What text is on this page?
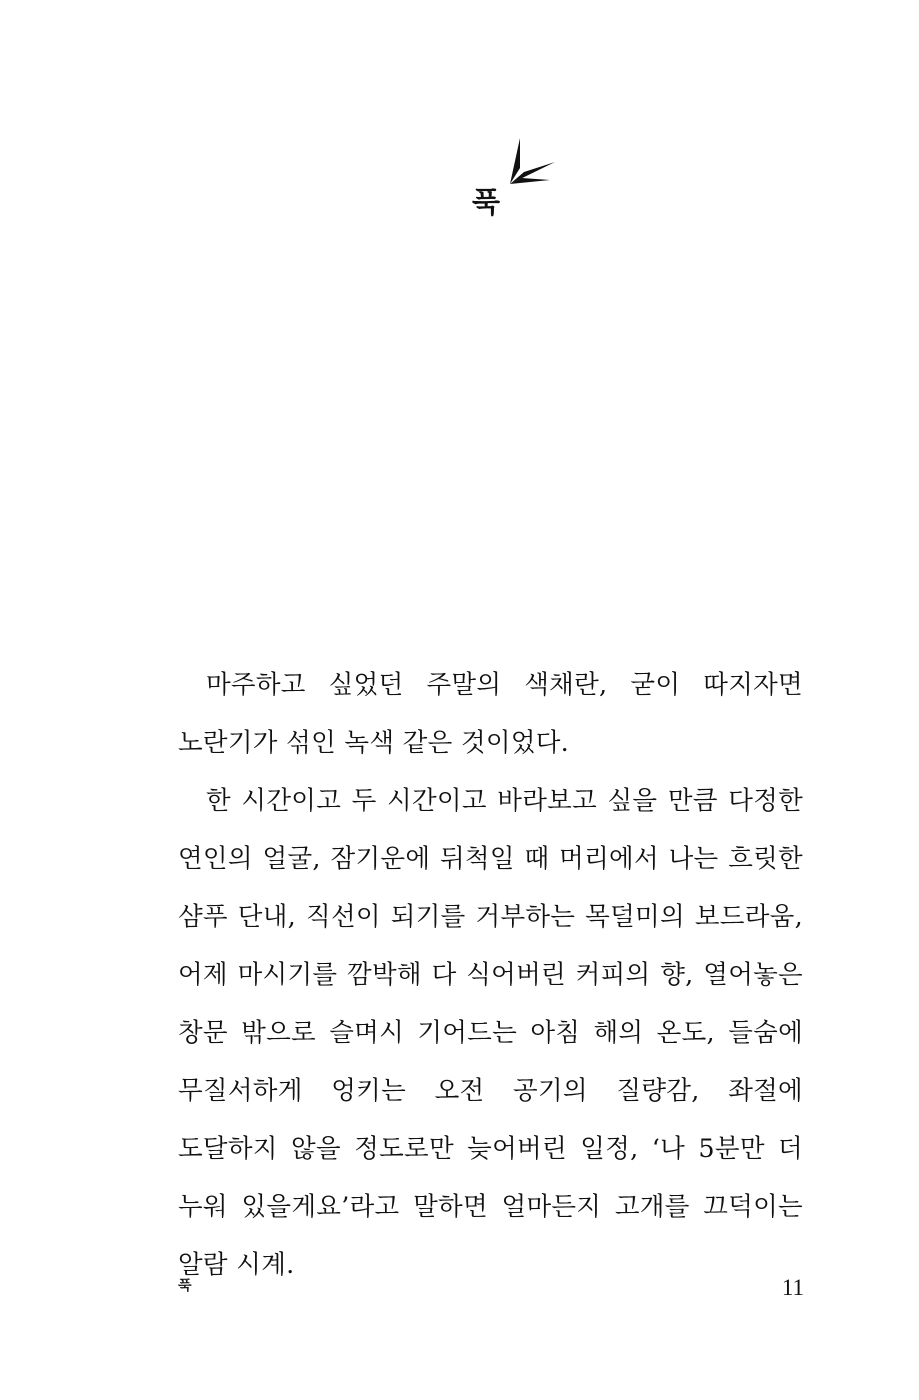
푹

마주하고 싶었던 주말의 색채란, 굳이 따지자면 노란기가 섞인 녹색 같은 것이었다.

한 시간이고 두 시간이고 바라보고 싶을 만큼 다정한 연인의 얼굴, 잠기운에 뒤척일 때 머리에서 나는 흐릿한 샴푸 단내, 직선이 되기를 거부하는 목덜미의 보드라움, 어제 마시기를 깜박해 다 식어버린 커피의 향, 열어놓은 창문 밖으로 슬며시 기어드는 아침 해의 온도, 들숨에 무질서하게 엉키는 오전 공기의 질량감, 좌절에 도달하지 않을 정도로만 늦어버린 일정, ‘나 5분만 더 누워 있을게요’라고 말하면 얼마든지 고개를 끄덕이는 알람 시계.

푹	11
